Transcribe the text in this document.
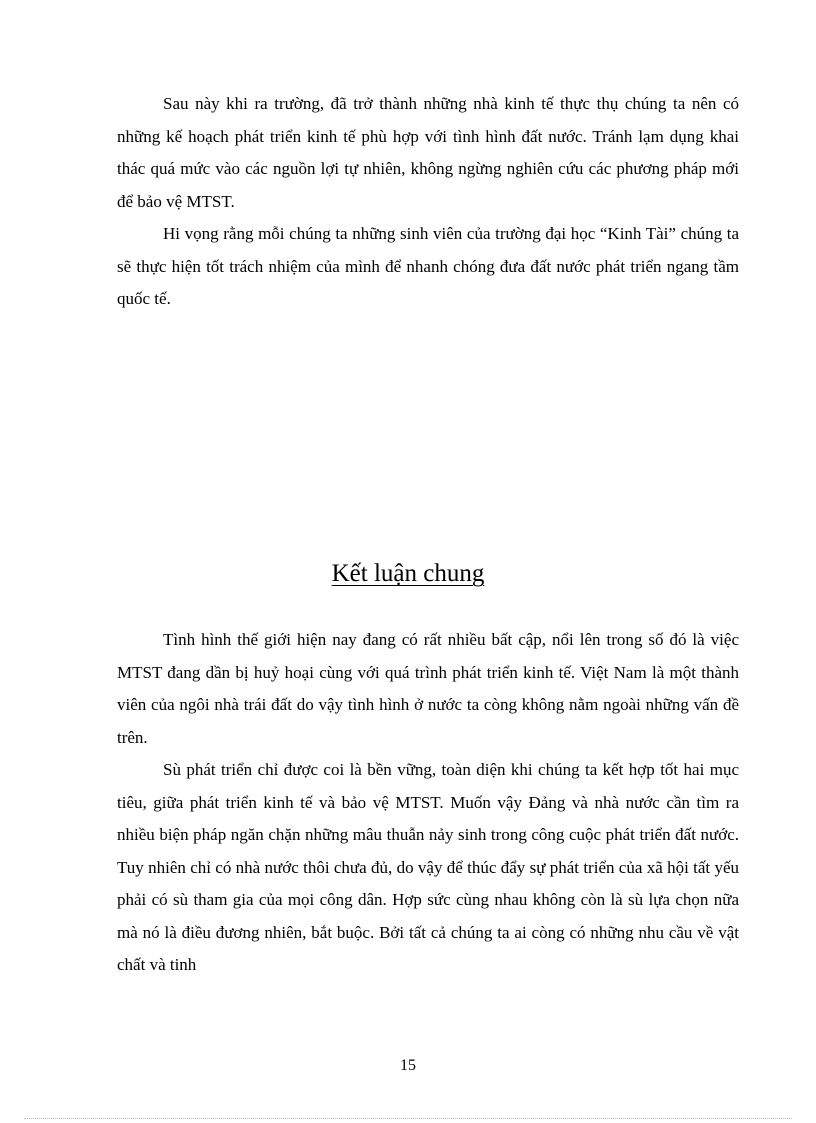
Sau này khi ra trường, đã trở thành những nhà kinh tế thực thụ chúng ta nên có những kế hoạch phát triển kinh tế phù hợp với tình hình đất nước. Tránh lạm dụng khai thác quá mức vào các nguồn lợi tự nhiên, không ngừng nghiên cứu các phương pháp mới để bảo vệ MTST.

Hi vọng rằng mỗi chúng ta những sinh viên của trường đại học “Kinh Tài” chúng ta sẽ thực hiện tốt trách nhiệm của mình để nhanh chóng đưa đất nước phát triển ngang tầm quốc tế.

Kết luận chung

Tình hình thế giới hiện nay đang có rất nhiều bất cập, nổi lên trong số đó là việc MTST đang dần bị huỷ hoại cùng với quá trình phát triển kinh tế. Việt Nam là một thành viên của ngôi nhà trái đất do vậy tình hình ở nước ta còng không nằm ngoài những vấn đề trên.

Sù phát triển chỉ được coi là bền vững, toàn diện khi chúng ta kết hợp tốt hai mục tiêu, giữa phát triển kinh tế và bảo vệ MTST. Muốn vậy Đảng và nhà nước cần tìm ra nhiều biện pháp ngăn chặn những mâu thuẫn nảy sinh trong công cuộc phát triển đất nước. Tuy nhiên chỉ có nhà nước thôi chưa đủ, do vậy để thúc đẩy sự phát triển của xã hội tất yếu phải có sù tham gia của mọi công dân. Hợp sức cùng nhau không còn là sù lựa chọn nữa mà nó là điều đương nhiên, bắt buộc. Bởi tất cả chúng ta ai còng có những nhu cầu về vật chất và tinh

15
